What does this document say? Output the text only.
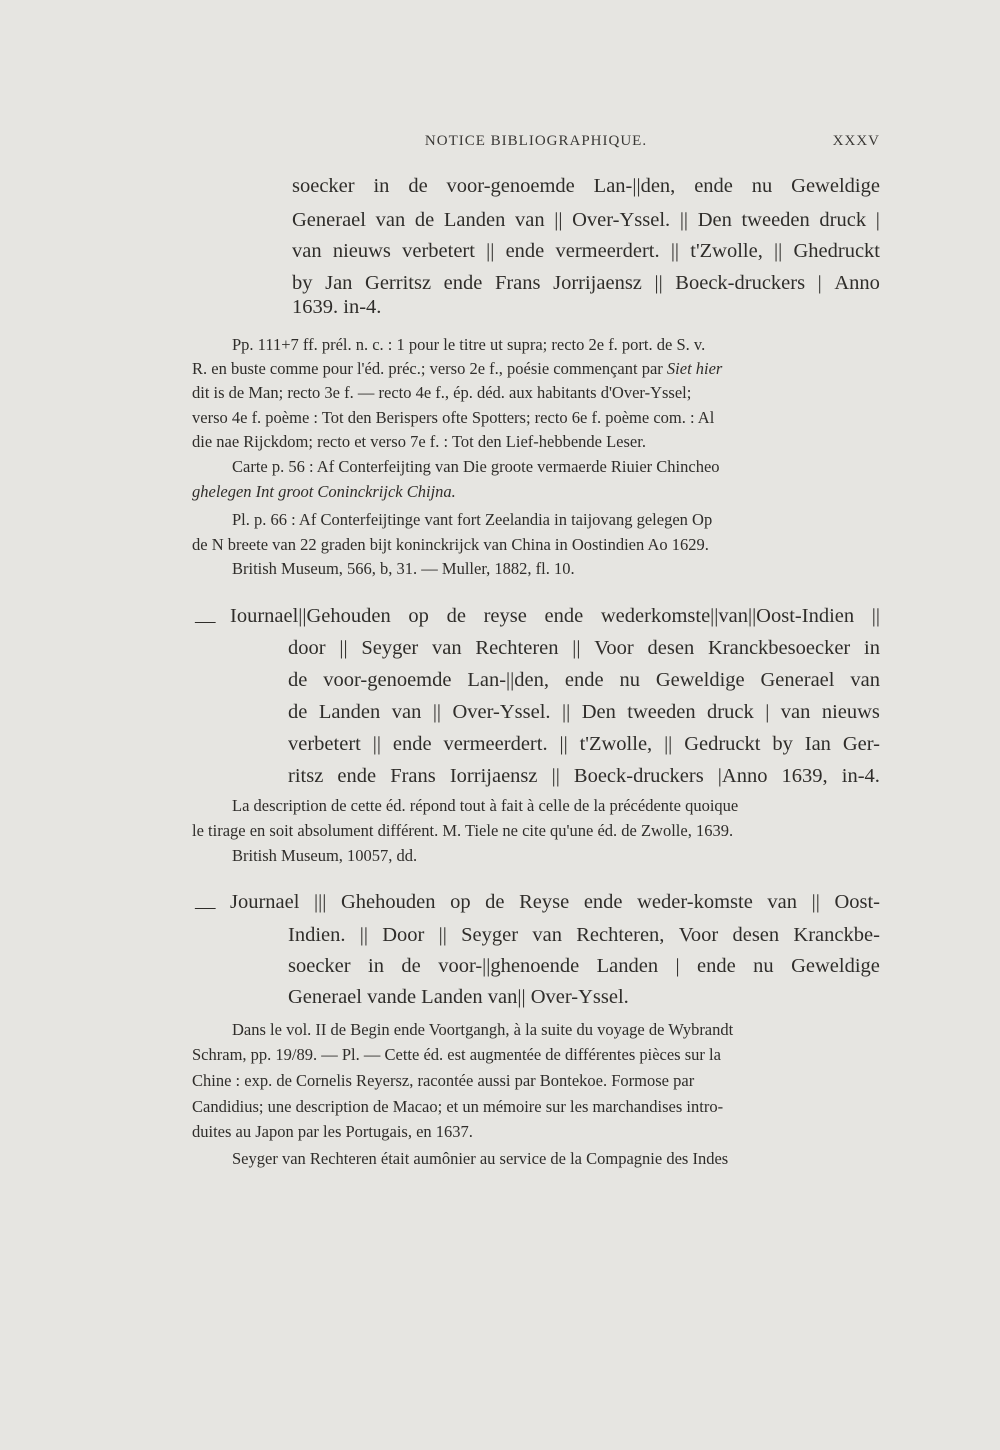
NOTICE BIBLIOGRAPHIQUE.	XXXV
soecker in de voor-genoemde Lan-||den, ende nu Geweldige
Generael van de Landen van || Over-Yssel. || Den tweeden druck |
van nieuws verbetert || ende vermeerdert. || t'Zwolle, || Ghedruckt
by Jan Gerritsz ende Frans Jorrijaensz || Boeck-druckers | Anno
1639. in-4.
Pp. 111+7 ff. prél. n. c. : 1 pour le titre ut supra; recto 2e f. port. de S. v.
R. en buste comme pour l'éd. préc.; verso 2e f., poésie commençant par Siet hier
dit is de Man; recto 3e f. — recto 4e f., ép. déd. aux habitants d'Over-Yssel;
verso 4e f. poème : Tot den Berispers ofte Spotters; recto 6e f. poème com. : Al
die nae Rijckdom; recto et verso 7e f. : Tot den Lief-hebbende Leser.
Carte p. 56 : Af Conterfeijting van Die groote vermaerde Riuier Chincheo
ghelegen Int groot Coninckrijck Chijna.
Pl. p. 66 : Af Conterfeijtinge vant fort Zeelandia in taijovang gelegen Op
de N breete van 22 graden bijt koninckrijck van China in Oostindien Ao 1629.
British Museum, 566, b, 31. — Muller, 1882, fl. 10.
— Iournael||Gehouden op de reyse ende wederkomste||van||Oost-Indien ||
door || Seyger van Rechteren || Voor desen Kranckbesoecker in
de voor-genoemde Lan-||den, ende nu Geweldige Generael van
de Landen van || Over-Yssel. || Den tweeden druck | van nieuws
verbetert || ende vermeerdert. || t'Zwolle, || Gedruckt by Ian Ger-
ritsz ende Frans Iorrijaensz || Boeck-druckers |Anno 1639, in-4.
La description de cette éd. répond tout à fait à celle de la précédente quoique
le tirage en soit absolument différent. M. Tiele ne cite qu'une éd. de Zwolle, 1639.
British Museum, 10057, dd.
— Journael ||| Ghehouden op de Reyse ende weder-komste van || Oost-
Indien. || Door || Seyger van Rechteren, Voor desen Kranckbe-
soecker in de voor-||ghenoende Landen | ende nu Geweldige
Generael vande Landen van|| Over-Yssel.
Dans le vol. II de Begin ende Voortgangh, à la suite du voyage de Wybrandt
Schram, pp. 19/89. — Pl. — Cette éd. est augmentée de différentes pièces sur la
Chine : exp. de Cornelis Reyersz, racontée aussi par Bontekoe. Formose par
Candidius; une description de Macao; et un mémoire sur les marchandises intro-
duites au Japon par les Portugais, en 1637.
Seyger van Rechteren était aumônier au service de la Compagnie des Indes
